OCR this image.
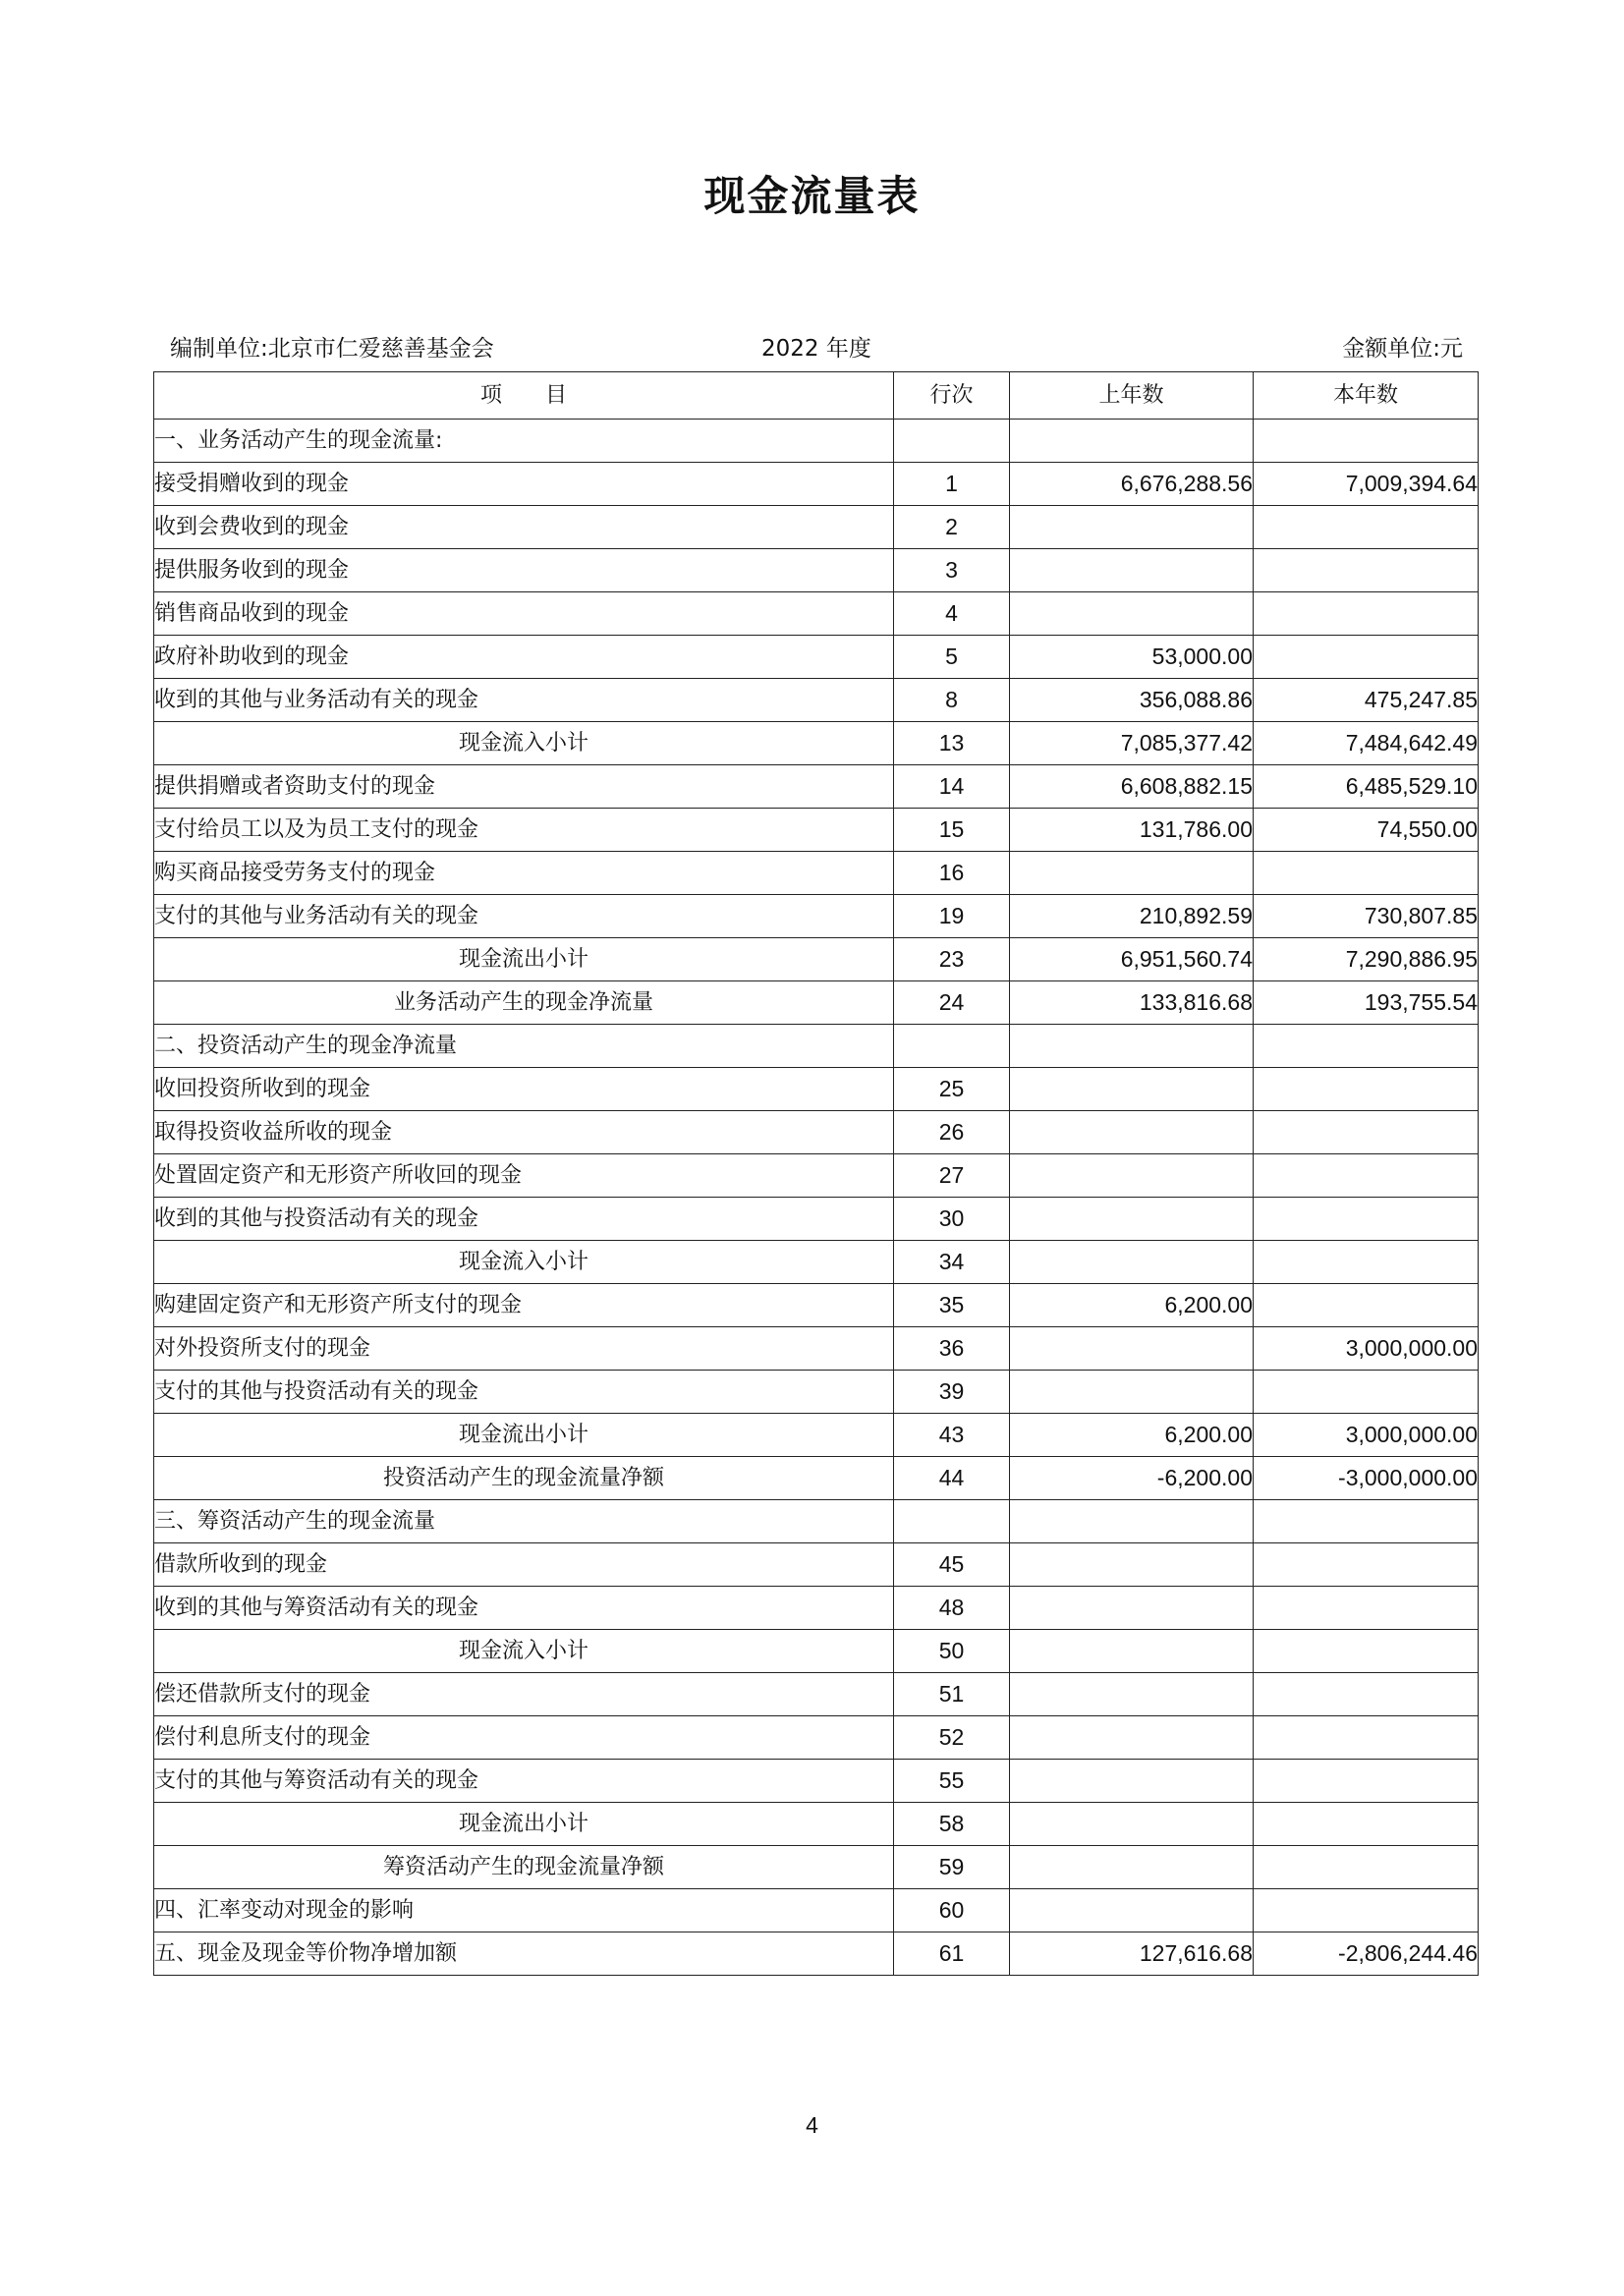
现金流量表
编制单位:北京市仁爱慈善基金会	2022 年度	金额单位:元
项　　目	行次	上年数	本年数
一、业务活动产生的现金流量:			
接受捐赠收到的现金	1	6,676,288.56	7,009,394.64
收到会费收到的现金	2		
提供服务收到的现金	3		
销售商品收到的现金	4		
政府补助收到的现金	5	53,000.00	
收到的其他与业务活动有关的现金	8	356,088.86	475,247.85
现金流入小计	13	7,085,377.42	7,484,642.49
提供捐赠或者资助支付的现金	14	6,608,882.15	6,485,529.10
支付给员工以及为员工支付的现金	15	131,786.00	74,550.00
购买商品接受劳务支付的现金	16		
支付的其他与业务活动有关的现金	19	210,892.59	730,807.85
现金流出小计	23	6,951,560.74	7,290,886.95
业务活动产生的现金净流量	24	133,816.68	193,755.54
二、投资活动产生的现金净流量			
收回投资所收到的现金	25		
取得投资收益所收的现金	26		
处置固定资产和无形资产所收回的现金	27		
收到的其他与投资活动有关的现金	30		
现金流入小计	34		
购建固定资产和无形资产所支付的现金	35	6,200.00	
对外投资所支付的现金	36		3,000,000.00
支付的其他与投资活动有关的现金	39		
现金流出小计	43	6,200.00	3,000,000.00
投资活动产生的现金流量净额	44	-6,200.00	-3,000,000.00
三、筹资活动产生的现金流量			
借款所收到的现金	45		
收到的其他与筹资活动有关的现金	48		
现金流入小计	50		
偿还借款所支付的现金	51		
偿付利息所支付的现金	52		
支付的其他与筹资活动有关的现金	55		
现金流出小计	58		
筹资活动产生的现金流量净额	59		
四、汇率变动对现金的影响	60		
五、现金及现金等价物净增加额	61	127,616.68	-2,806,244.46
4
